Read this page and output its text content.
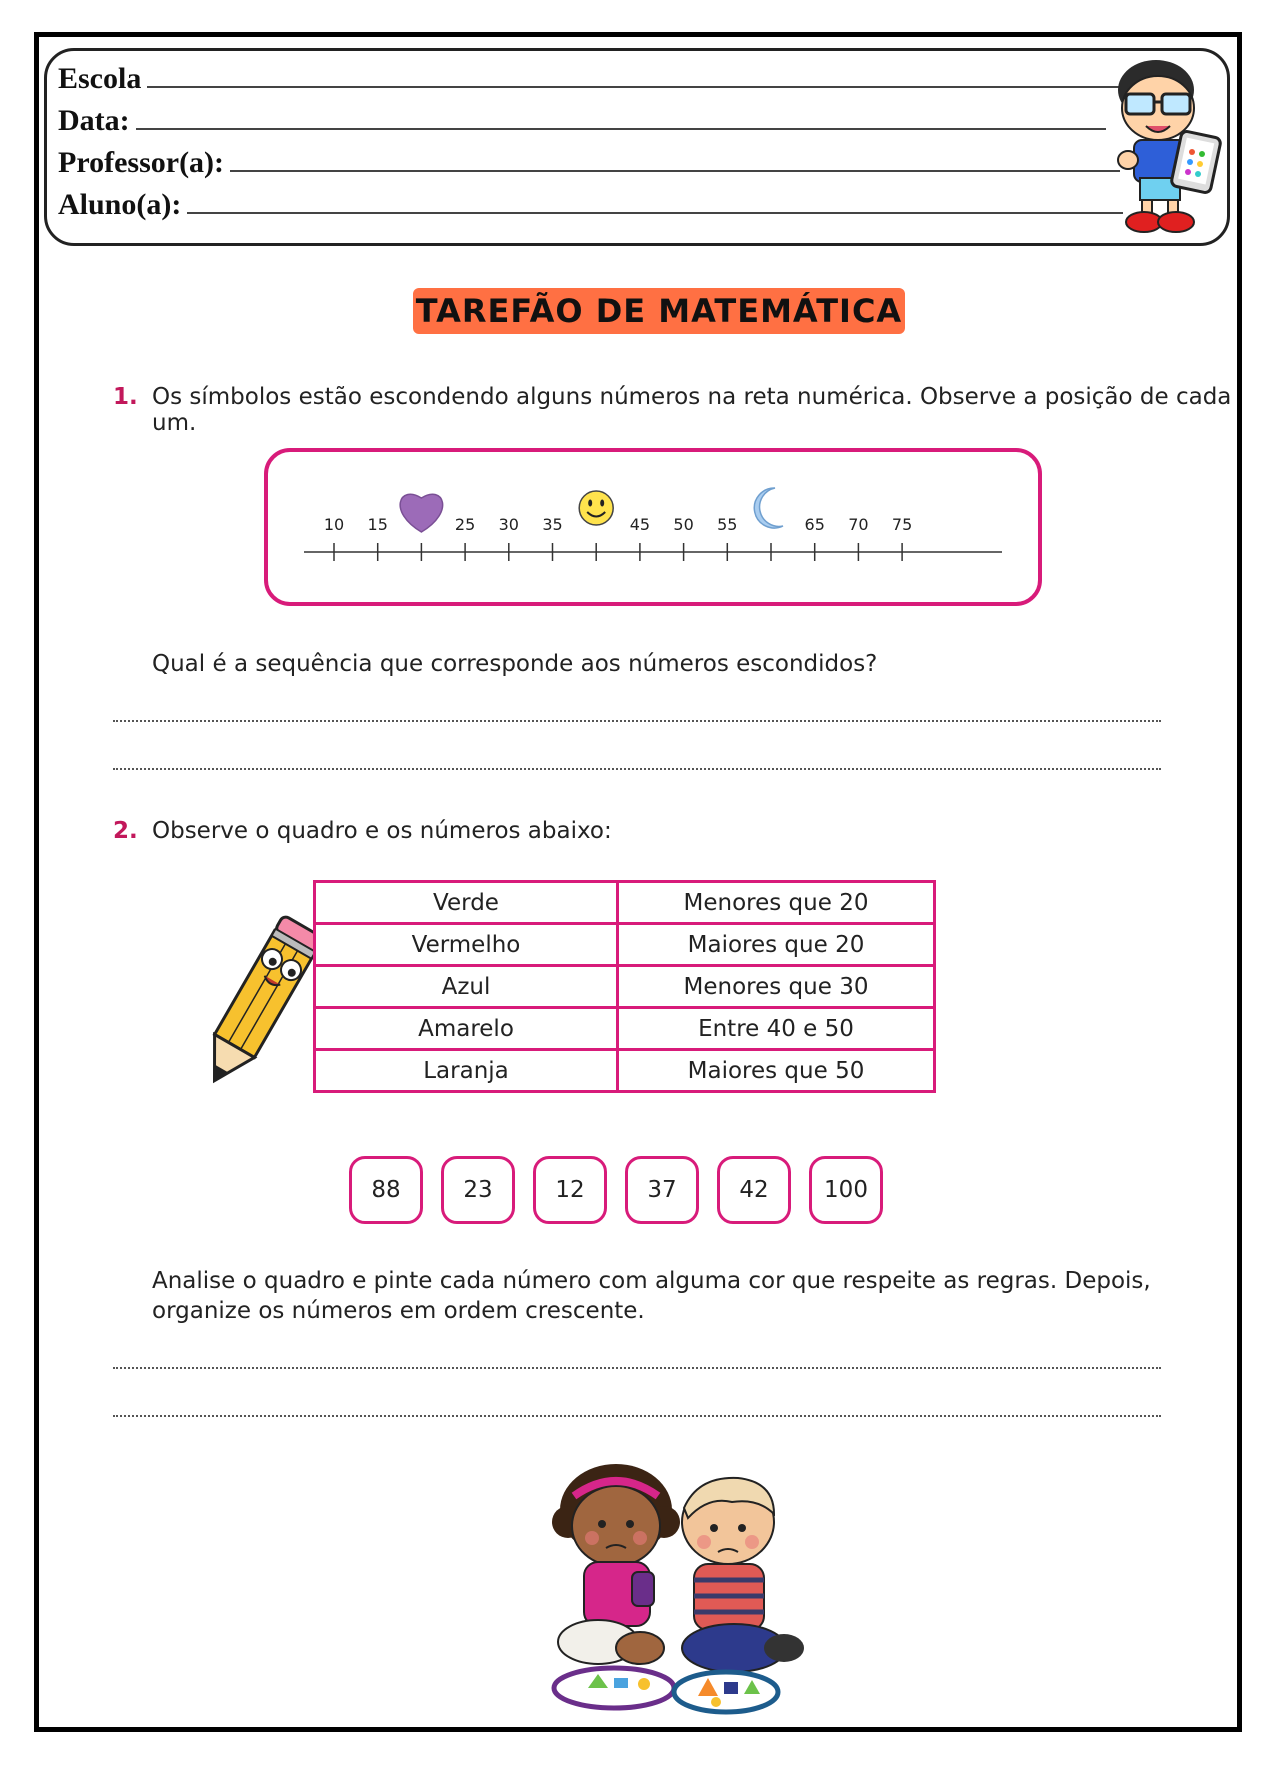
Escola
Data:
Professor(a):
Aluno(a):
TAREFÃO DE MATEMÁTICA
1. Os símbolos estão escondendo alguns números na reta numérica. Observe a posição de cada um.
10 15	25 30 35	45 50 55	65 70 75
Qual é a sequência que corresponde aos números escondidos?
2. Observe o quadro e os números abaixo:
Verde	Menores que 20
Vermelho	Maiores que 20
Azul	Menores que 30
Amarelo	Entre 40 e 50
Laranja	Maiores que 50
88	23	12	37	42	100
Analise o quadro e pinte cada número com alguma cor que respeite as regras. Depois, organize os números em ordem crescente.
